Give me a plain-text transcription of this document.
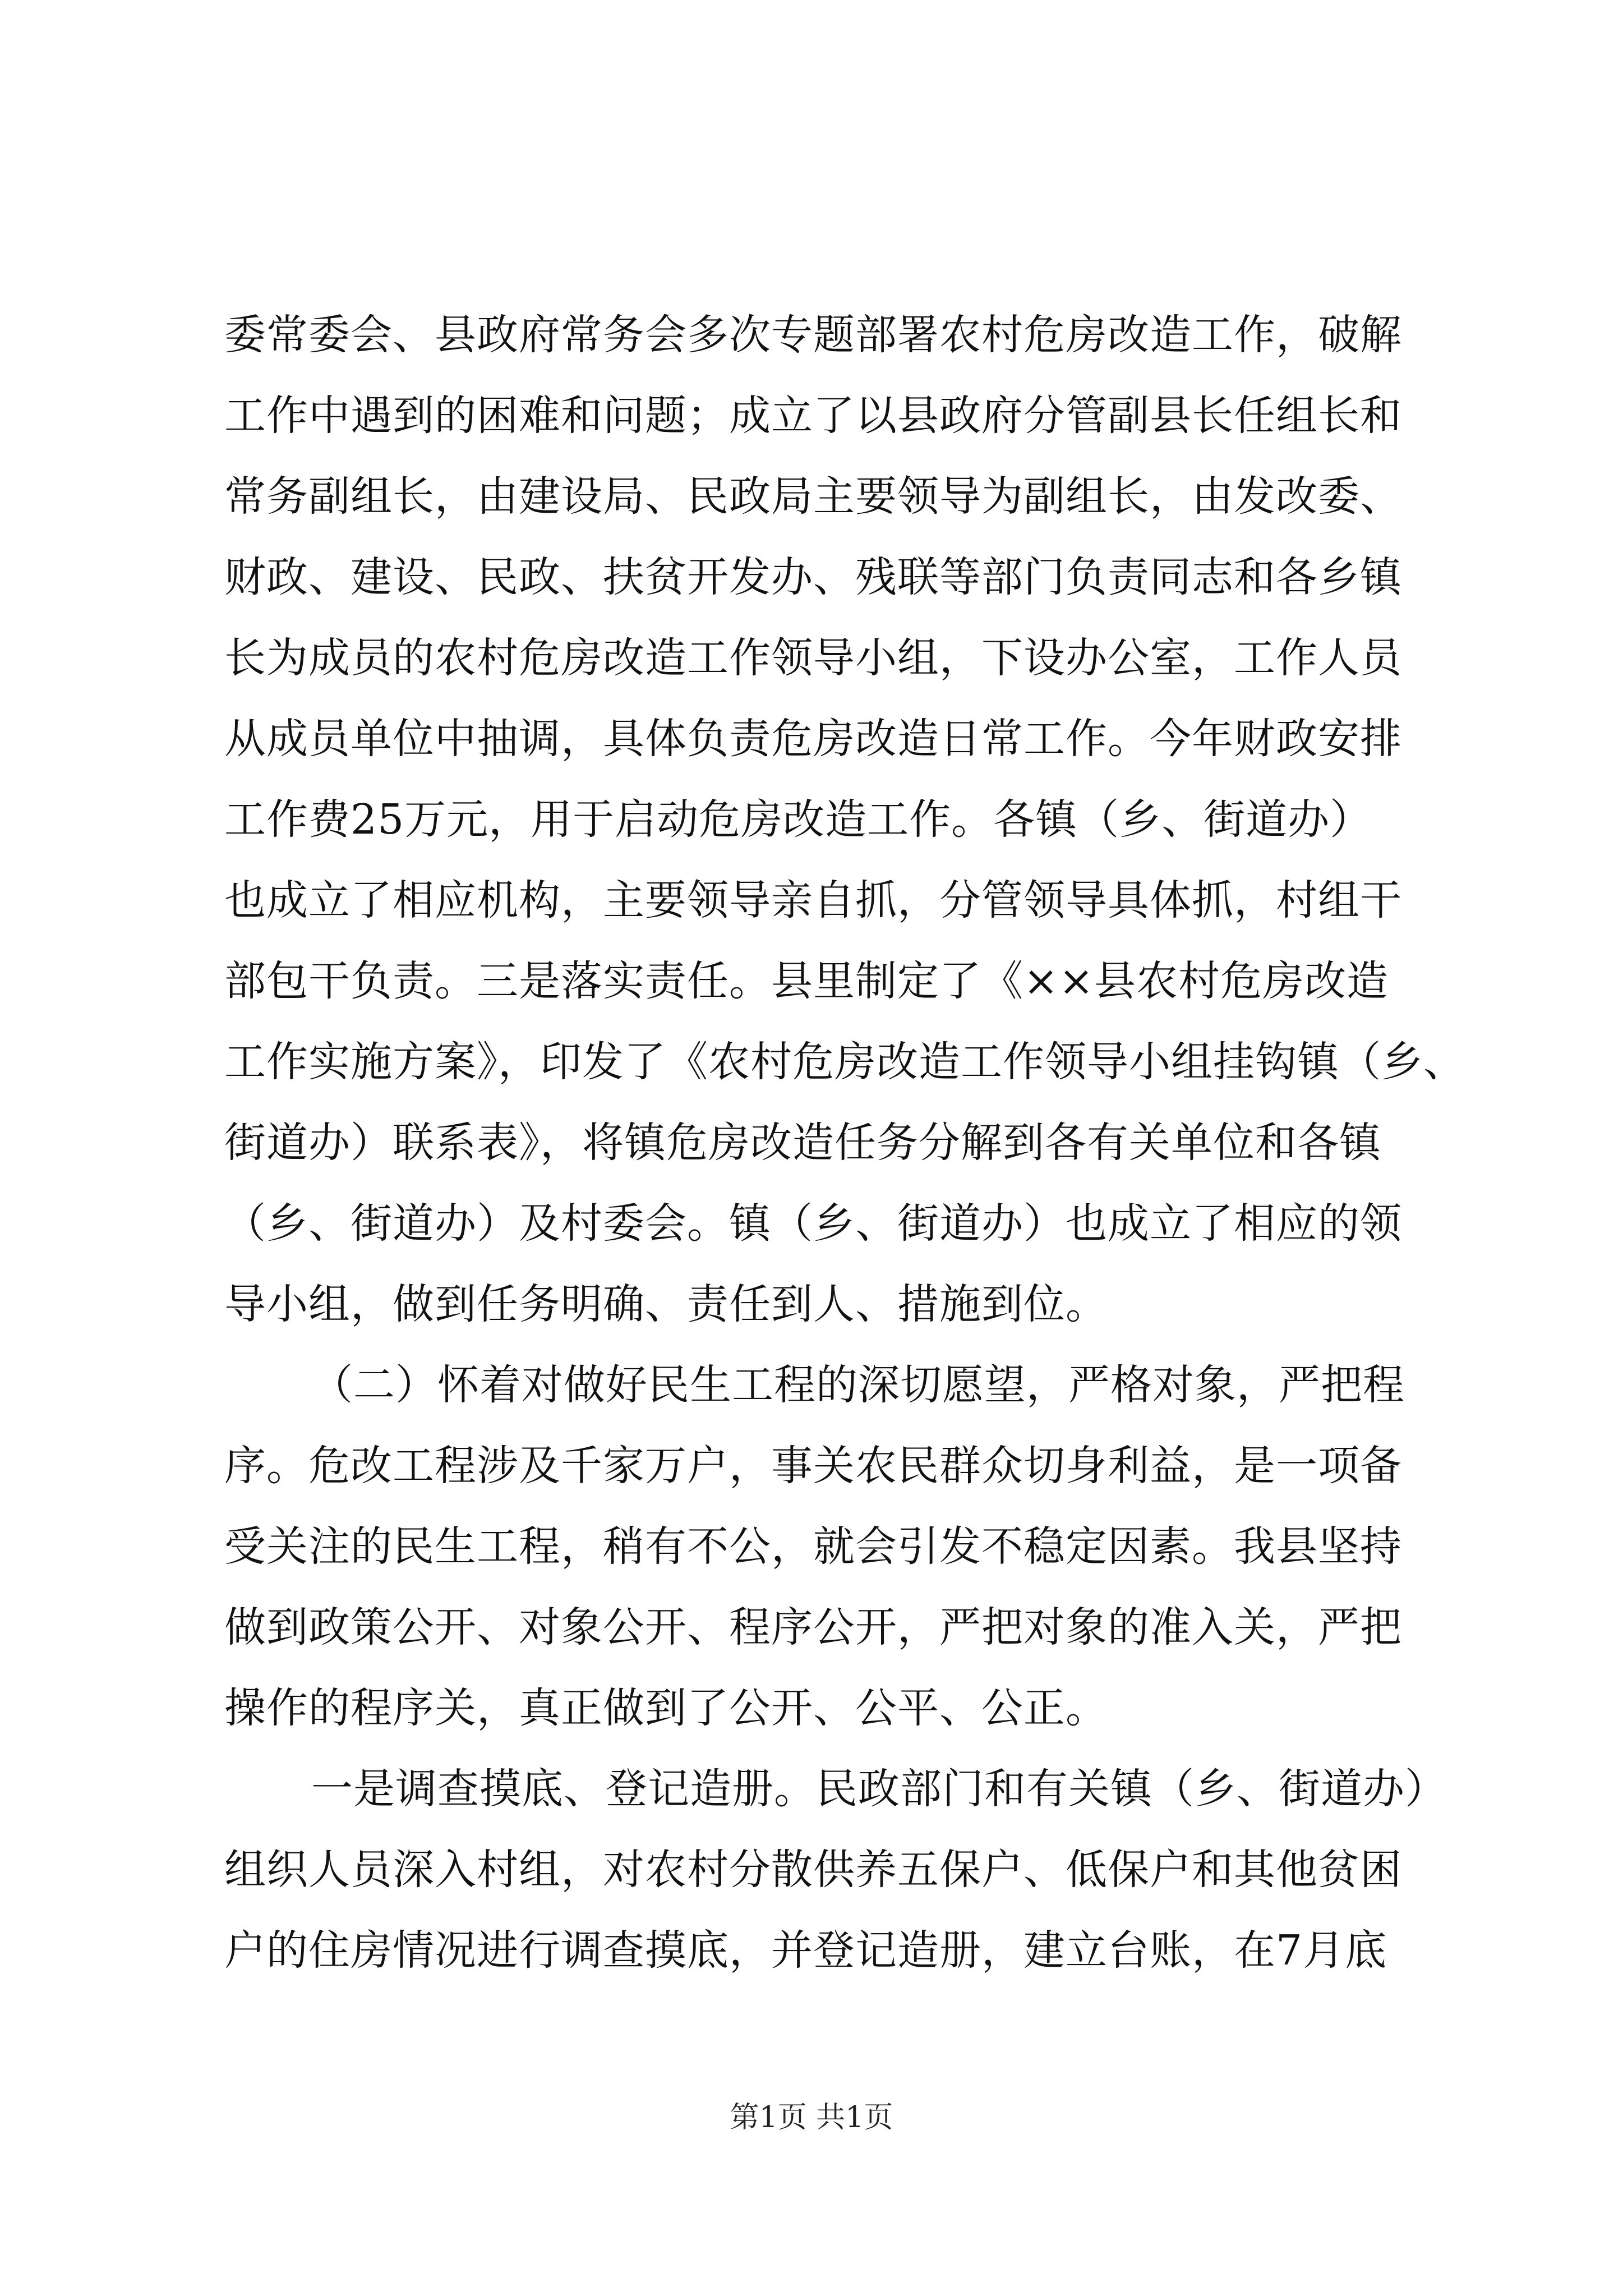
委常委会、县政府常务会多次专题部署农村危房改造工作，破解
工作中遇到的困难和问题；成立了以县政府分管副县长任组长和
常务副组长，由建设局、民政局主要领导为副组长，由发改委、
财政、建设、民政、扶贫开发办、残联等部门负责同志和各乡镇
长为成员的农村危房改造工作领导小组，下设办公室，工作人员
从成员单位中抽调，具体负责危房改造日常工作。今年财政安排
工作费25万元，用于启动危房改造工作。各镇（乡、街道办）
也成立了相应机构，主要领导亲自抓，分管领导具体抓，村组干
部包干负责。三是落实责任。县里制定了《××县农村危房改造
工作实施方案》，印发了《农村危房改造工作领导小组挂钩镇（乡、
街道办）联系表》，将镇危房改造任务分解到各有关单位和各镇
（乡、街道办）及村委会。镇（乡、街道办）也成立了相应的领
导小组，做到任务明确、责任到人、措施到位。
（二）怀着对做好民生工程的深切愿望，严格对象，严把程
序。危改工程涉及千家万户，事关农民群众切身利益，是一项备
受关注的民生工程，稍有不公，就会引发不稳定因素。我县坚持
做到政策公开、对象公开、程序公开，严把对象的准入关，严把
操作的程序关，真正做到了公开、公平、公正。
一是调查摸底、登记造册。民政部门和有关镇（乡、街道办）
组织人员深入村组，对农村分散供养五保户、低保户和其他贫困
户的住房情况进行调查摸底，并登记造册，建立台账，在7月底
第1页 共1页
